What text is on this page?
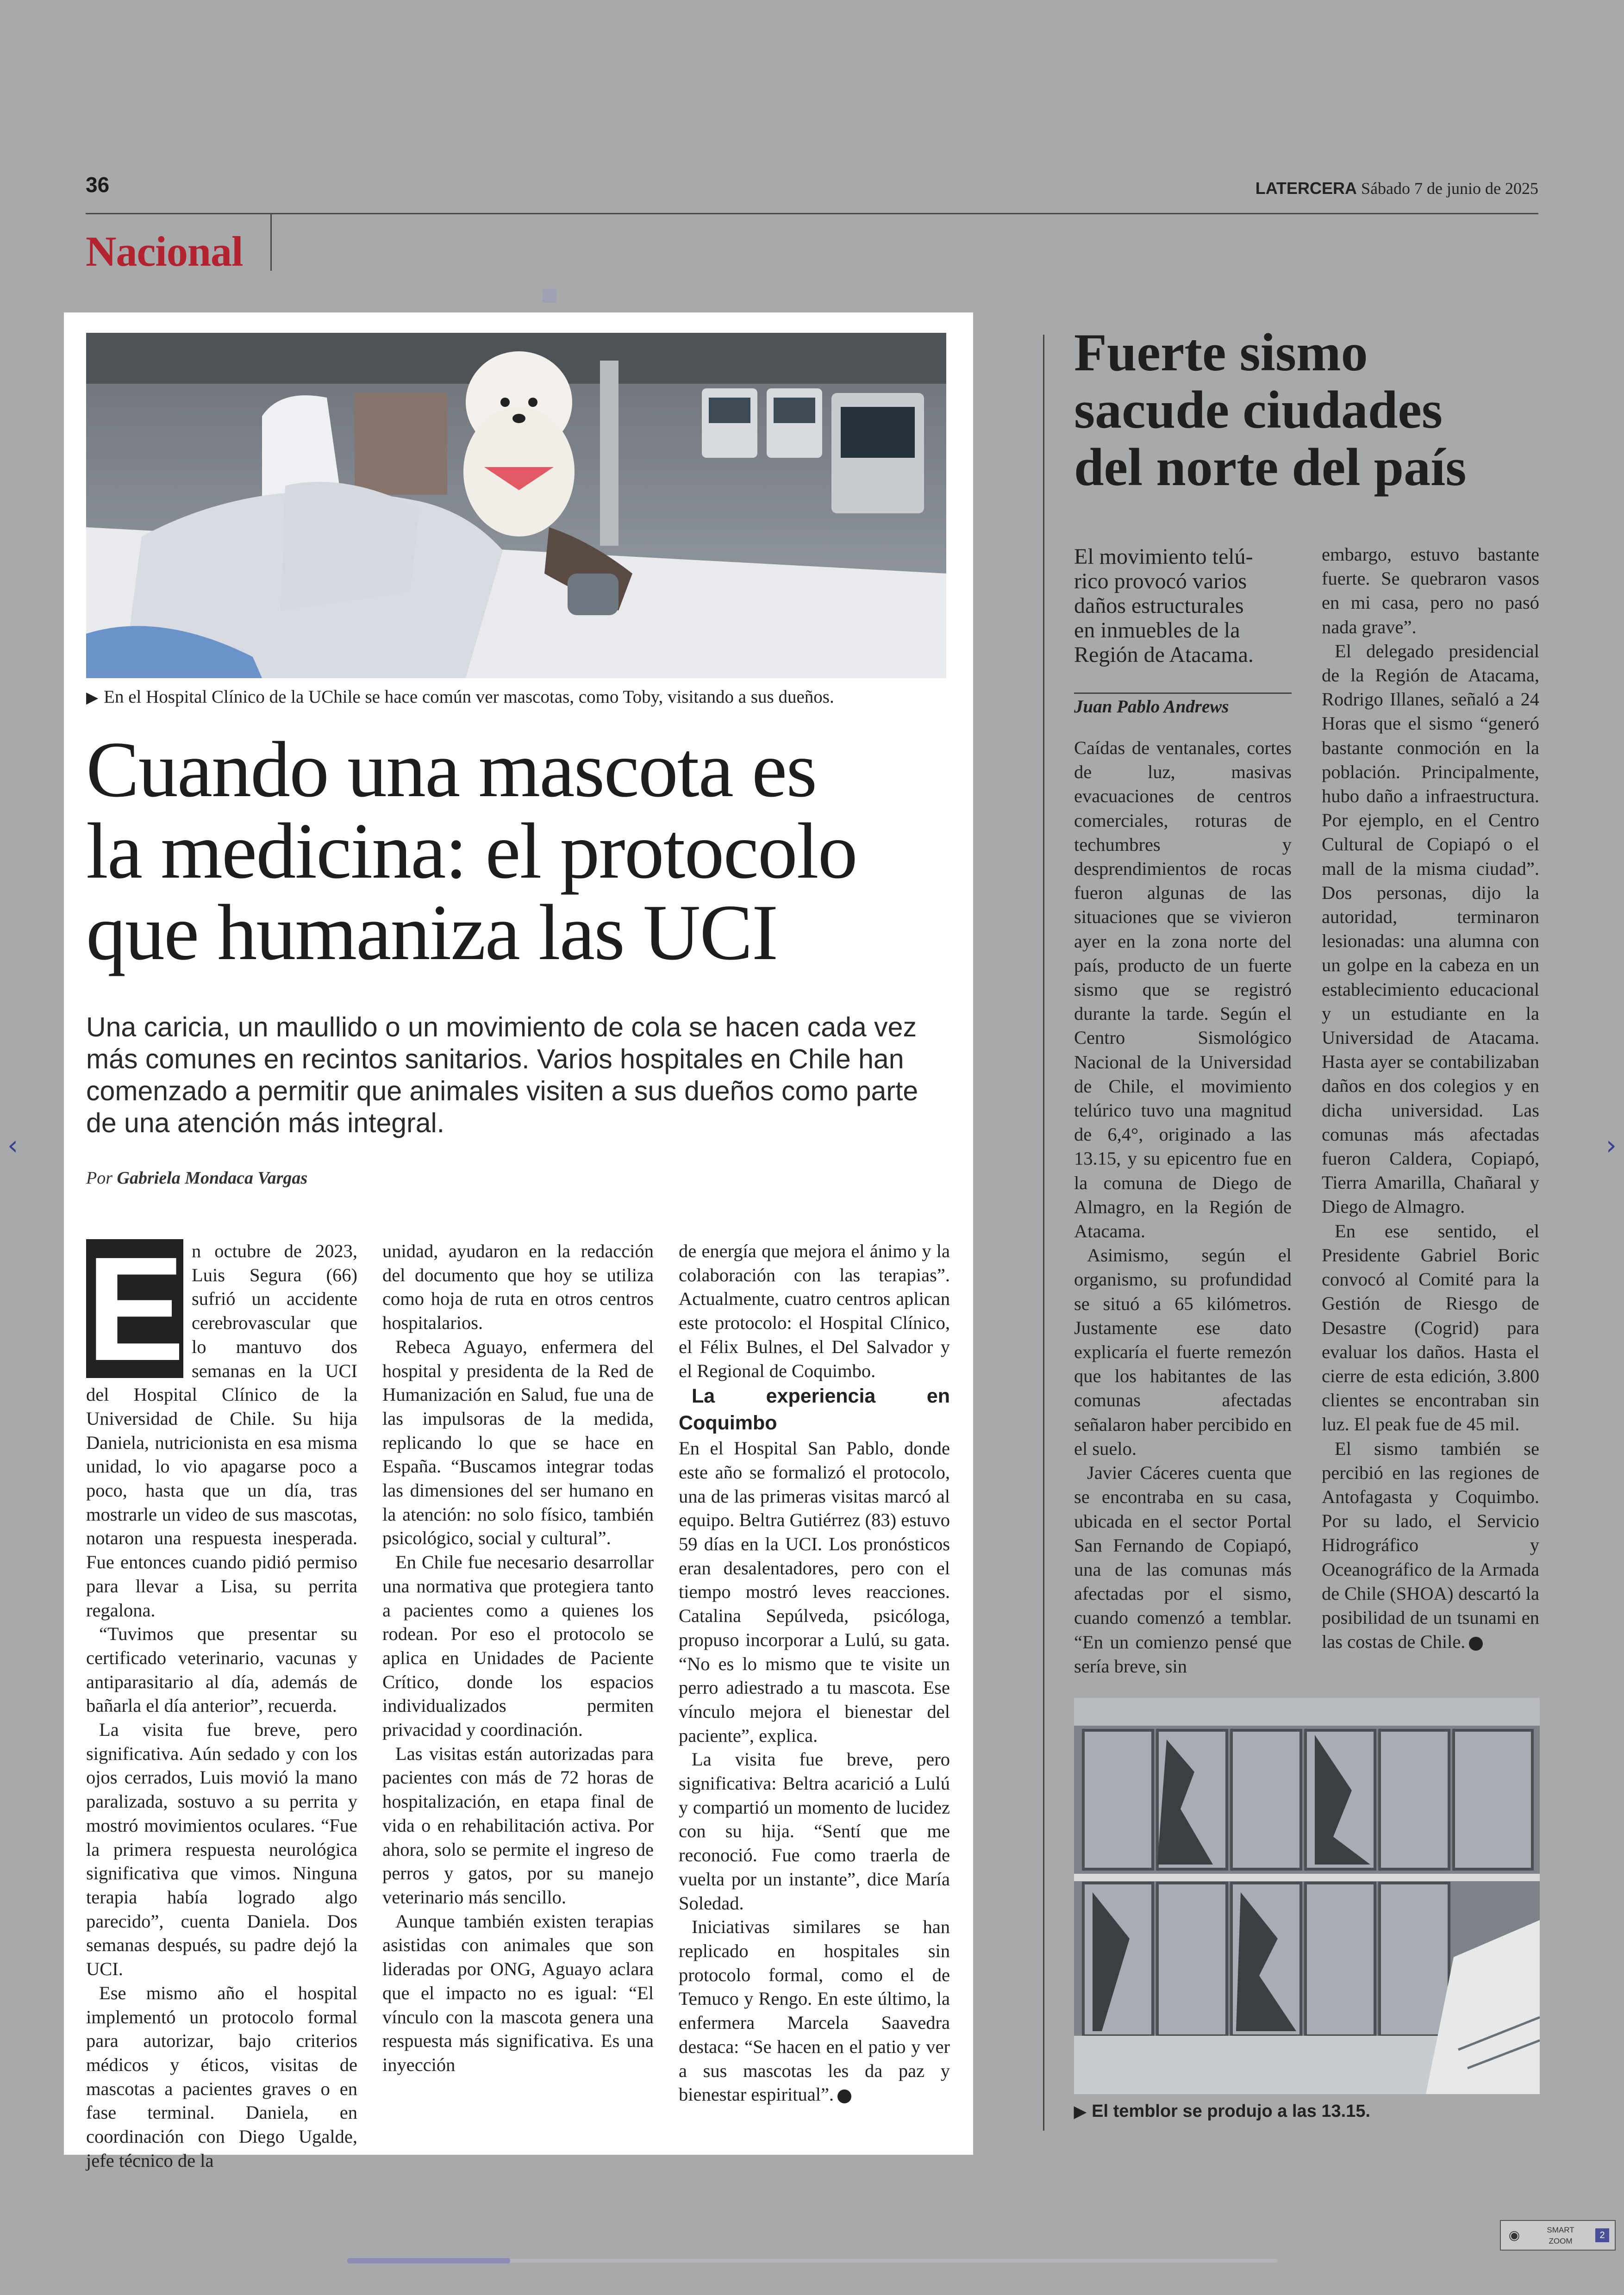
36	LATERCERA Sábado 7 de junio de 2025
Nacional
▶ En el Hospital Clínico de la UChile se hace común ver mascotas, como Toby, visitando a sus dueños.
Cuando una mascota es
la medicina: el protocolo
que humaniza las UCI
Una caricia, un maullido o un movimiento de cola se hacen cada vez
más comunes en recintos sanitarios. Varios hospitales en Chile han
comenzado a permitir que animales visiten a sus dueños como parte
de una atención más integral.
Por Gabriela Mondaca Vargas
E n octubre de 2023, Luis Segura (66) sufrió un accidente cerebrovascular que lo mantuvo dos semanas en la UCI del Hospital Clínico de la Universidad de Chile. Su hija Daniela, nutricionista en esa misma unidad, lo vio apagarse poco a poco, hasta que un día, tras mostrarle un video de sus mascotas, notaron una respuesta inesperada. Fue entonces cuando pidió permiso para llevar a Lisa, su perrita regalona.

“Tuvimos que presentar su certificado veterinario, vacunas y antiparasitario al día, además de bañarla el día anterior”, recuerda.

La visita fue breve, pero significativa. Aún sedado y con los ojos cerrados, Luis movió la mano paralizada, sostuvo a su perrita y mostró movimientos oculares. “Fue la primera respuesta neurológica significativa que vimos. Ninguna terapia había logrado algo parecido”, cuenta Daniela. Dos semanas después, su padre dejó la UCI.

Ese mismo año el hospital implementó un protocolo formal para autorizar, bajo criterios médicos y éticos, visitas de mascotas a pacientes graves o en fase terminal. Daniela, en coordinación con Diego Ugalde, jefe técnico de la

unidad, ayudaron en la redacción del documento que hoy se utiliza como hoja de ruta en otros centros hospitalarios.

Rebeca Aguayo, enfermera del hospital y presidenta de la Red de Humanización en Salud, fue una de las impulsoras de la medida, replicando lo que se hace en España. “Buscamos integrar todas las dimensiones del ser humano en la atención: no solo físico, también psicológico, social y cultural”.

En Chile fue necesario desarrollar una normativa que protegiera tanto a pacientes como a quienes los rodean. Por eso el protocolo se aplica en Unidades de Paciente Crítico, donde los espacios individualizados permiten privacidad y coordinación.

Las visitas están autorizadas para pacientes con más de 72 horas de hospitalización, en etapa final de vida o en rehabilitación activa. Por ahora, solo se permite el ingreso de perros y gatos, por su manejo veterinario más sencillo.

Aunque también existen terapias asistidas con animales que son lideradas por ONG, Aguayo aclara que el impacto no es igual: “El vínculo con la mascota genera una respuesta más significativa. Es una inyección

de energía que mejora el ánimo y la colaboración con las terapias”. Actualmente, cuatro centros aplican este protocolo: el Hospital Clínico, el Félix Bulnes, el Del Salvador y el Regional de Coquimbo.

La experiencia en Coquimbo

En el Hospital San Pablo, donde este año se formalizó el protocolo, una de las primeras visitas marcó al equipo. Beltra Gutiérrez (83) estuvo 59 días en la UCI. Los pronósticos eran desalentadores, pero con el tiempo mostró leves reacciones. Catalina Sepúlveda, psicóloga, propuso incorporar a Lulú, su gata. “No es lo mismo que te visite un perro adiestrado a tu mascota. Ese vínculo mejora el bienestar del paciente”, explica.

La visita fue breve, pero significativa: Beltra acarició a Lulú y compartió un momento de lucidez con su hija. “Sentí que me reconoció. Fue como traerla de vuelta por un instante”, dice María Soledad.

Iniciativas similares se han replicado en hospitales sin protocolo formal, como el de Temuco y Rengo. En este último, la enfermera Marcela Saavedra destaca: “Se hacen en el patio y ver a sus mascotas les da paz y bienestar espiritual”.

Fuerte sismo
sacude ciudades
del norte del país
El movimiento telú-
rico provocó varios
daños estructurales
en inmuebles de la
Región de Atacama.
Juan Pablo Andrews

Caídas de ventanales, cortes de luz, masivas evacuaciones de centros comerciales, roturas de techumbres y desprendimientos de rocas fueron algunas de las situaciones que se vivieron ayer en la zona norte del país, producto de un fuerte sismo que se registró durante la tarde. Según el Centro Sismológico Nacional de la Universidad de Chile, el movimiento telúrico tuvo una magnitud de 6,4°, originado a las 13.15, y su epicentro fue en la comuna de Diego de Almagro, en la Región de Atacama.

Asimismo, según el organismo, su profundidad se situó a 65 kilómetros. Justamente ese dato explicaría el fuerte remezón que los habitantes de las comunas afectadas señalaron haber percibido en el suelo.

Javier Cáceres cuenta que se encontraba en su casa, ubicada en el sector Portal San Fernando de Copiapó, una de las comunas más afectadas por el sismo, cuando comenzó a temblar. “En un comienzo pensé que sería breve, sin

embargo, estuvo bastante fuerte. Se quebraron vasos en mi casa, pero no pasó nada grave”.

El delegado presidencial de la Región de Atacama, Rodrigo Illanes, señaló a 24 Horas que el sismo “generó bastante conmoción en la población. Principalmente, hubo daño a infraestructura. Por ejemplo, en el Centro Cultural de Copiapó o el mall de la misma ciudad”. Dos personas, dijo la autoridad, terminaron lesionadas: una alumna con un golpe en la cabeza en un establecimiento educacional y un estudiante en la Universidad de Atacama. Hasta ayer se contabilizaban daños en dos colegios y en dicha universidad. Las comunas más afectadas fueron Caldera, Copiapó, Tierra Amarilla, Chañaral y Diego de Almagro.

En ese sentido, el Presidente Gabriel Boric convocó al Comité para la Gestión de Riesgo de Desastre (Cogrid) para evaluar los daños. Hasta el cierre de esta edición, 3.800 clientes se encontraban sin luz. El peak fue de 45 mil.

El sismo también se percibió en las regiones de Antofagasta y Coquimbo. Por su lado, el Servicio Hidrográfico y Oceanográfico de la Armada de Chile (SHOA) descartó la posibilidad de un tsunami en las costas de Chile.

▶ El temblor se produjo a las 13.15.
‹	›
◉	SMART ZOOM
2
